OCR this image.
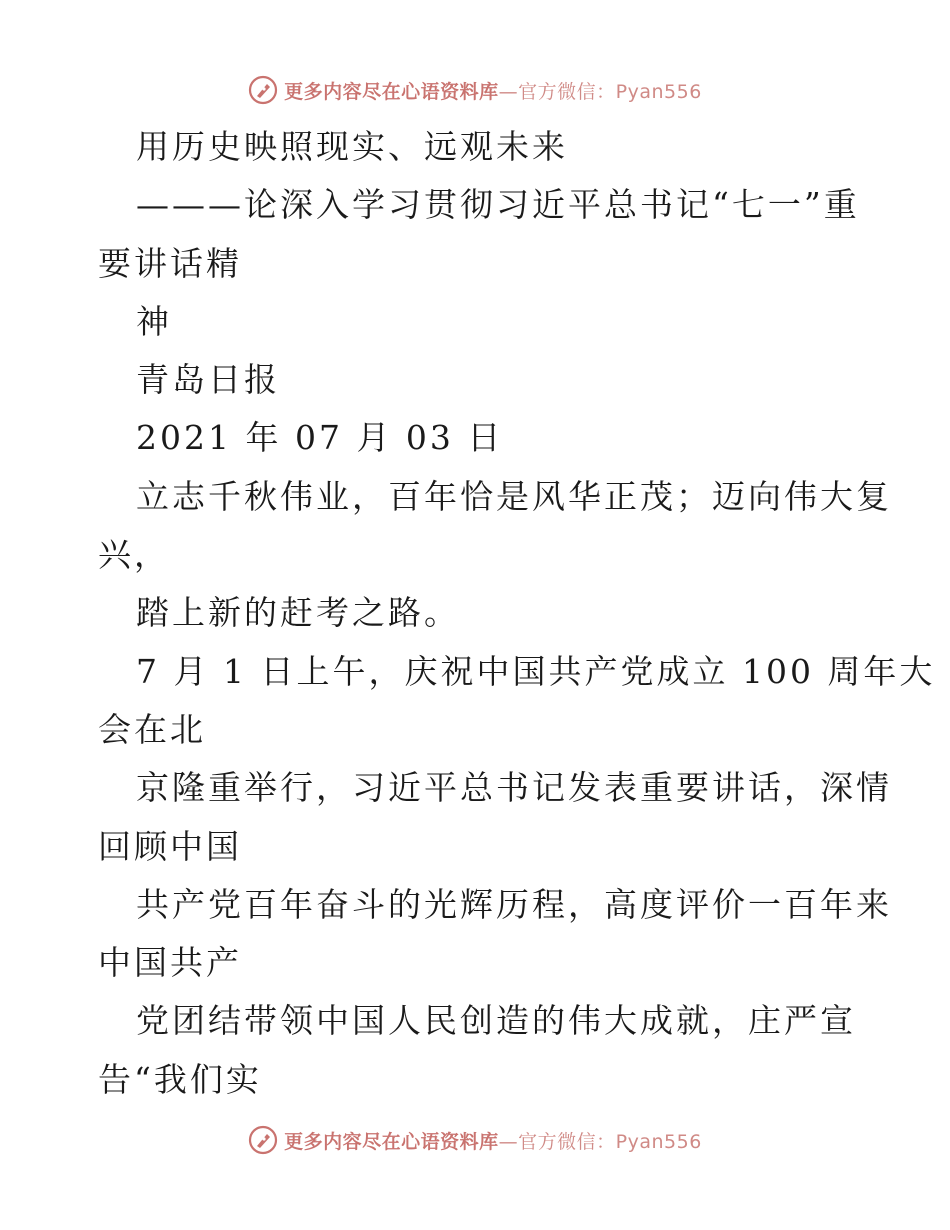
更多内容尽在心语资料库—官方微信：Pyan556
用历史映照现实、远观未来
———论深入学习贯彻习近平总书记“七一”重
要讲话精
神
青岛日报
2021 年 07 月 03 日
立志千秋伟业，百年恰是风华正茂；迈向伟大复
兴，
踏上新的赶考之路。
7 月 1 日上午，庆祝中国共产党成立 100 周年大
会在北
京隆重举行，习近平总书记发表重要讲话，深情
回顾中国
共产党百年奋斗的光辉历程，高度评价一百年来
中国共产
党团结带领中国人民创造的伟大成就，庄严宣
告“我们实
更多内容尽在心语资料库—官方微信：Pyan556
